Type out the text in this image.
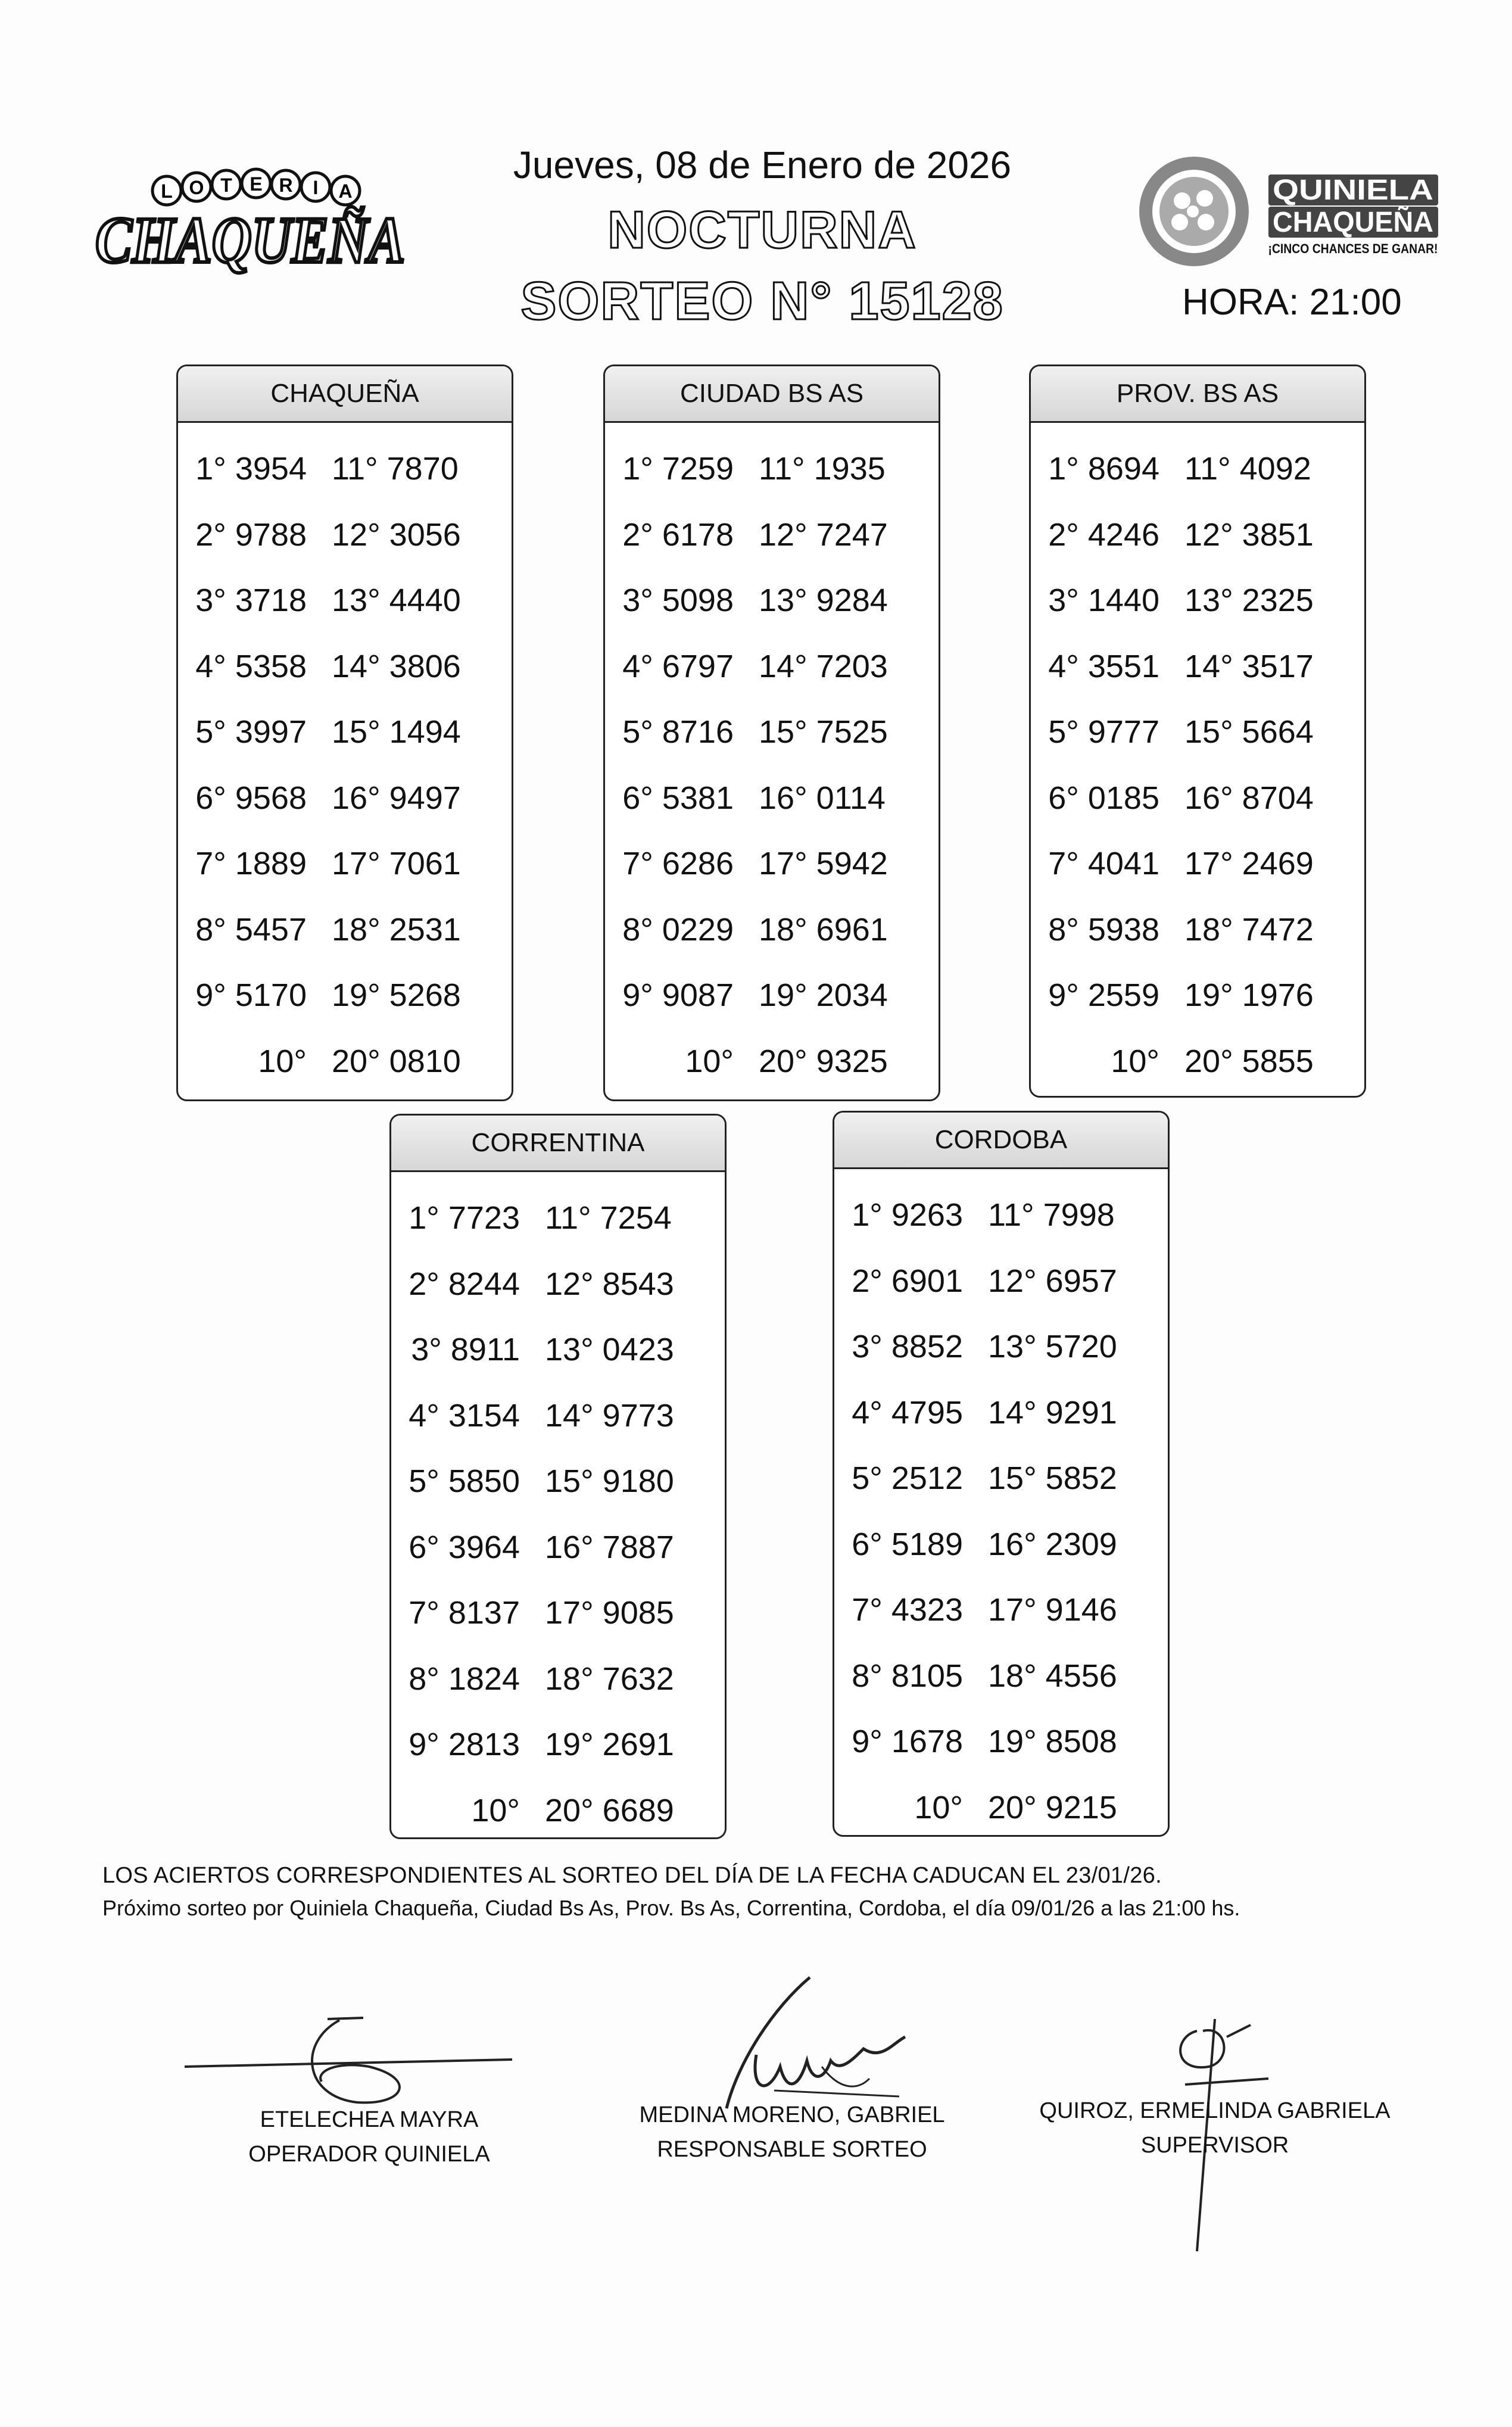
L O T E R I A
CHAQUEÑA
Jueves, 08 de Enero de 2026
NOCTURNA
SORTEO N° 15128
QUINIELA
CHAQUEÑA
¡CINCO CHANCES DE GANAR!
HORA: 21:00
CHAQUEÑA
1° 3954 11° 7870
2° 9788 12° 3056
3° 3718 13° 4440
4° 5358 14° 3806
5° 3997 15° 1494
6° 9568 16° 9497
7° 1889 17° 7061
8° 5457 18° 2531
9° 5170 19° 5268
10° 20° 0810
CIUDAD BS AS
1° 7259 11° 1935
2° 6178 12° 7247
3° 5098 13° 9284
4° 6797 14° 7203
5° 8716 15° 7525
6° 5381 16° 0114
7° 6286 17° 5942
8° 0229 18° 6961
9° 9087 19° 2034
10° 20° 9325
PROV. BS AS
1° 8694 11° 4092
2° 4246 12° 3851
3° 1440 13° 2325
4° 3551 14° 3517
5° 9777 15° 5664
6° 0185 16° 8704
7° 4041 17° 2469
8° 5938 18° 7472
9° 2559 19° 1976
10° 20° 5855
CORRENTINA
1° 7723 11° 7254
2° 8244 12° 8543
3° 8911 13° 0423
4° 3154 14° 9773
5° 5850 15° 9180
6° 3964 16° 7887
7° 8137 17° 9085
8° 1824 18° 7632
9° 2813 19° 2691
10° 20° 6689
CORDOBA
1° 9263 11° 7998
2° 6901 12° 6957
3° 8852 13° 5720
4° 4795 14° 9291
5° 2512 15° 5852
6° 5189 16° 2309
7° 4323 17° 9146
8° 8105 18° 4556
9° 1678 19° 8508
10° 20° 9215
LOS ACIERTOS CORRESPONDIENTES AL SORTEO DEL DÍA DE LA FECHA CADUCAN EL 23/01/26.
Próximo sorteo por Quiniela Chaqueña, Ciudad Bs As, Prov. Bs As, Correntina, Cordoba, el día 09/01/26 a las 21:00 hs.
ETELECHEA MAYRA
OPERADOR QUINIELA
MEDINA MORENO, GABRIEL
RESPONSABLE SORTEO
QUIROZ, ERMELINDA GABRIELA
SUPERVISOR
